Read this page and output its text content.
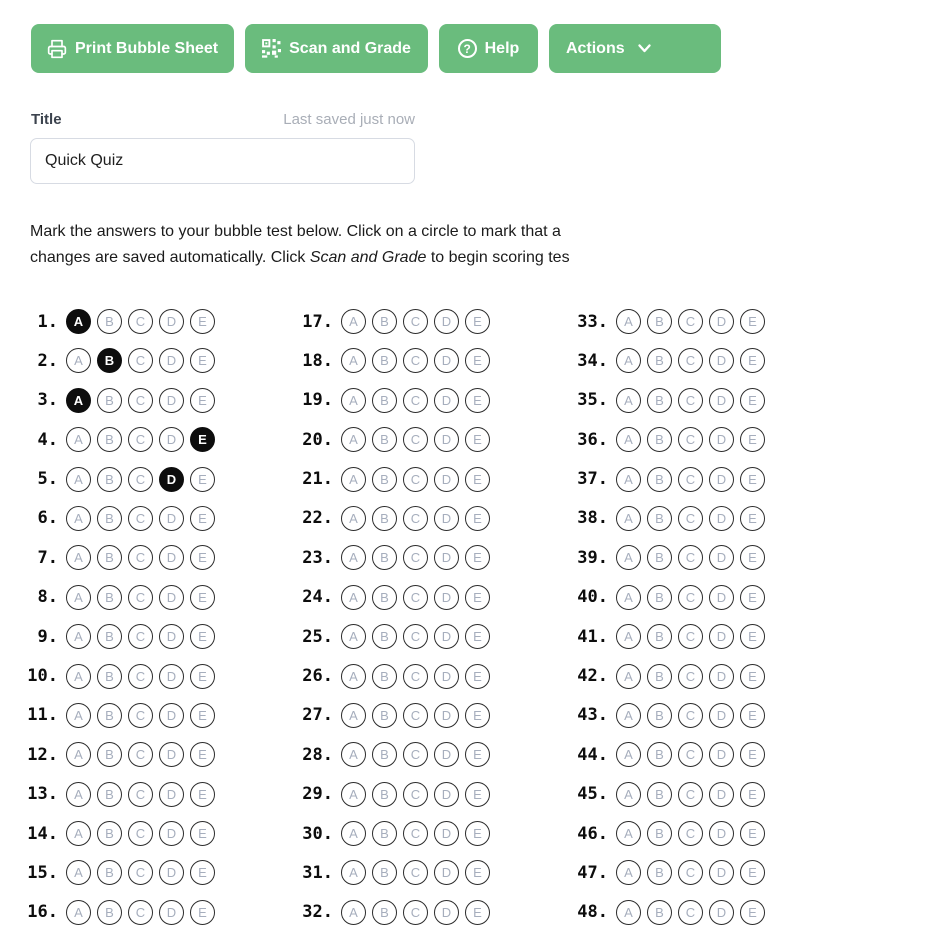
Print Bubble Sheet	Scan and Grade	? Help	Actions
Title	Last saved just now
Quick Quiz

Mark the answers to your bubble test below. Click on a circle to mark that a
changes are saved automatically. Click Scan and Grade to begin scoring tes

1.	A	B	C	D	E
2.	A	B	C	D	E
3.	A	B	C	D	E
4.	A	B	C	D	E
5.	A	B	C	D	E
6.	A	B	C	D	E
7.	A	B	C	D	E
8.	A	B	C	D	E
9.	A	B	C	D	E
10.	A	B	C	D	E
11.	A	B	C	D	E
12.	A	B	C	D	E
13.	A	B	C	D	E
14.	A	B	C	D	E
15.	A	B	C	D	E
16.	A	B	C	D	E
17.	A	B	C	D	E
18.	A	B	C	D	E
19.	A	B	C	D	E
20.	A	B	C	D	E
21.	A	B	C	D	E
22.	A	B	C	D	E
23.	A	B	C	D	E
24.	A	B	C	D	E
25.	A	B	C	D	E
26.	A	B	C	D	E
27.	A	B	C	D	E
28.	A	B	C	D	E
29.	A	B	C	D	E
30.	A	B	C	D	E
31.	A	B	C	D	E
32.	A	B	C	D	E
33.	A	B	C	D	E
34.	A	B	C	D	E
35.	A	B	C	D	E
36.	A	B	C	D	E
37.	A	B	C	D	E
38.	A	B	C	D	E
39.	A	B	C	D	E
40.	A	B	C	D	E
41.	A	B	C	D	E
42.	A	B	C	D	E
43.	A	B	C	D	E
44.	A	B	C	D	E
45.	A	B	C	D	E
46.	A	B	C	D	E
47.	A	B	C	D	E
48.	A	B	C	D	E
